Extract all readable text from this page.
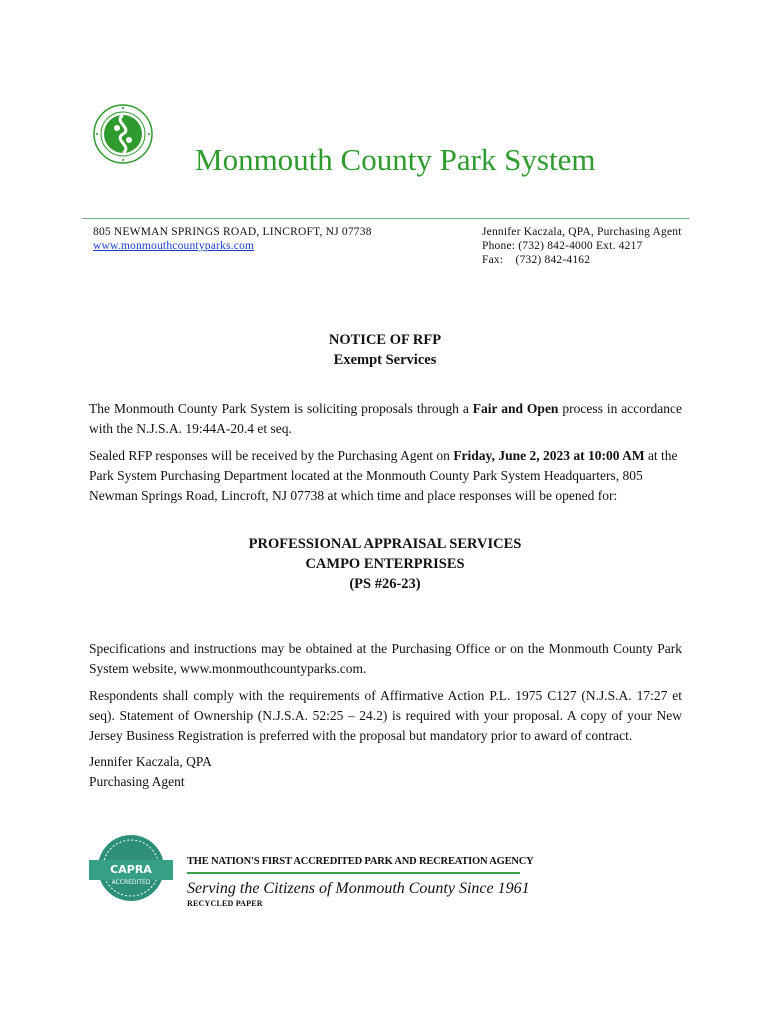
Monmouth County Park System
805 NEWMAN SPRINGS ROAD, LINCROFT, NJ 07738
www.monmouthcountyparks.com
Jennifer Kaczala, QPA, Purchasing Agent
Phone: (732) 842-4000 Ext. 4217
Fax:    (732) 842-4162
NOTICE OF RFP
Exempt Services
The Monmouth County Park System is soliciting proposals through a Fair and Open process in accordance with the N.J.S.A. 19:44A-20.4 et seq.
Sealed RFP responses will be received by the Purchasing Agent on Friday, June 2, 2023 at 10:00 AM at the Park System Purchasing Department located at the Monmouth County Park System Headquarters, 805 Newman Springs Road, Lincroft, NJ 07738 at which time and place responses will be opened for:
PROFESSIONAL APPRAISAL SERVICES
CAMPO ENTERPRISES
(PS #26-23)
Specifications and instructions may be obtained at the Purchasing Office or on the Monmouth County Park System website, www.monmouthcountyparks.com.
Respondents shall comply with the requirements of Affirmative Action P.L. 1975 C127 (N.J.S.A. 17:27 et seq). Statement of Ownership (N.J.S.A. 52:25 – 24.2) is required with your proposal. A copy of your New Jersey Business Registration is preferred with the proposal but mandatory prior to award of contract.
Jennifer Kaczala, QPA
Purchasing Agent
CAPRA
ACCREDITED
THE NATION'S FIRST ACCREDITED PARK AND RECREATION AGENCY
Serving the Citizens of Monmouth County Since 1961
RECYCLED PAPER
